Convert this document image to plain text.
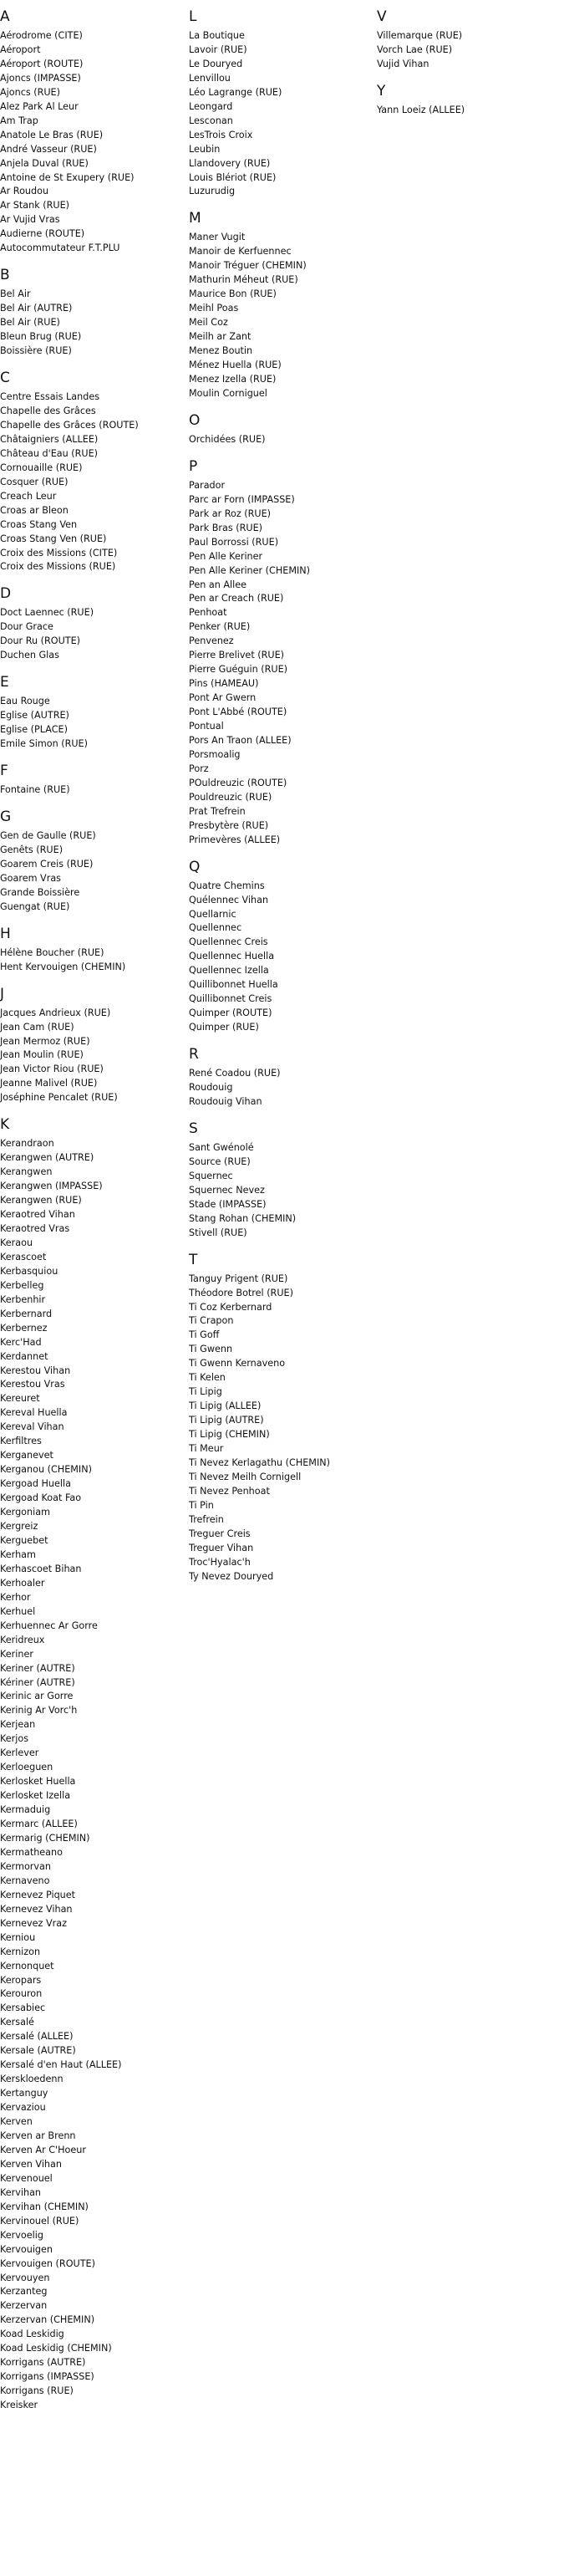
A
Aérodrome (CITE)
Aéroport
Aéroport (ROUTE)
Ajoncs (IMPASSE)
Ajoncs (RUE)
Alez Park Al Leur
Am Trap
Anatole Le Bras (RUE)
André Vasseur (RUE)
Anjela Duval (RUE)
Antoine de St Exupery (RUE)
Ar Roudou
Ar Stank (RUE)
Ar Vujid Vras
Audierne (ROUTE)
Autocommutateur F.T.PLU
B
Bel Air
Bel Air (AUTRE)
Bel Air (RUE)
Bleun Brug (RUE)
Boissière (RUE)
C
Centre Essais Landes
Chapelle des Grâces
Chapelle des Grâces (ROUTE)
Châtaigniers (ALLEE)
Château d'Eau (RUE)
Cornouaille (RUE)
Cosquer (RUE)
Creach Leur
Croas ar Bleon
Croas Stang Ven
Croas Stang Ven (RUE)
Croix des Missions (CITE)
Croix des Missions (RUE)
D
Doct Laennec (RUE)
Dour Grace
Dour Ru (ROUTE)
Duchen Glas
E
Eau Rouge
Eglise (AUTRE)
Eglise (PLACE)
Emile Simon (RUE)
F
Fontaine (RUE)
G
Gen de Gaulle (RUE)
Genêts (RUE)
Goarem Creis (RUE)
Goarem Vras
Grande Boissière
Guengat (RUE)
H
Hélène Boucher (RUE)
Hent Kervouigen (CHEMIN)
J
Jacques Andrieux (RUE)
Jean Cam (RUE)
Jean Mermoz (RUE)
Jean Moulin (RUE)
Jean Victor Riou (RUE)
Jeanne Malivel (RUE)
Joséphine Pencalet (RUE)
K
Kerandraon
Kerangwen (AUTRE)
Kerangwen
Kerangwen (IMPASSE)
Kerangwen (RUE)
Keraotred Vihan
Keraotred Vras
Keraou
Kerascoet
Kerbasquiou
Kerbelleg
Kerbenhir
Kerbernard
Kerbernez
Kerc'Had
Kerdannet
Kerestou Vihan
Kerestou Vras
Kereuret
Kereval Huella
Kereval Vihan
Kerfiltres
Kerganevet
Kerganou (CHEMIN)
Kergoad Huella
Kergoad Koat Fao
Kergoniam
Kergreiz
Kerguebet
Kerham
Kerhascoet Bihan
Kerhoaler
Kerhor
Kerhuel
Kerhuennec Ar Gorre
Keridreux
Keriner
Keriner (AUTRE)
Kériner (AUTRE)
Kerinic ar Gorre
Kerinig Ar Vorc'h
Kerjean
Kerjos
Kerlever
Kerloeguen
Kerlosket Huella
Kerlosket Izella
Kermaduig
Kermarc (ALLEE)
Kermarig (CHEMIN)
Kermatheano
Kermorvan
Kernaveno
Kernevez Piquet
Kernevez Vihan
Kernevez Vraz
Kerniou
Kernizon
Kernonquet
Keropars
Kerouron
Kersabiec
Kersalé
Kersalé (ALLEE)
Kersale (AUTRE)
Kersalé d'en Haut (ALLEE)
Kerskloedenn
Kertanguy
Kervaziou
Kerven
Kerven ar Brenn
Kerven Ar C'Hoeur
Kerven Vihan
Kervenouel
Kervihan
Kervihan (CHEMIN)
Kervinouel (RUE)
Kervoelig
Kervouigen
Kervouigen (ROUTE)
Kervouyen
Kerzanteg
Kerzervan
Kerzervan (CHEMIN)
Koad Leskidig
Koad Leskidig (CHEMIN)
Korrigans (AUTRE)
Korrigans (IMPASSE)
Korrigans (RUE)
Kreisker
L
La Boutique
Lavoir (RUE)
Le Douryed
Lenvillou
Léo Lagrange (RUE)
Leongard
Lesconan
LesTrois Croix
Leubin
Llandovery (RUE)
Louis Blériot (RUE)
Luzurudig
M
Maner Vugit
Manoir de Kerfuennec
Manoir Tréguer (CHEMIN)
Mathurin Méheut (RUE)
Maurice Bon (RUE)
Meihl Poas
Meil Coz
Meilh ar Zant
Menez Boutin
Ménez Huella (RUE)
Menez Izella (RUE)
Moulin Corniguel
O
Orchidées (RUE)
P
Parador
Parc ar Forn (IMPASSE)
Park ar Roz (RUE)
Park Bras (RUE)
Paul Borrossi (RUE)
Pen Alle Keriner
Pen Alle Keriner (CHEMIN)
Pen an Allee
Pen ar Creach (RUE)
Penhoat
Penker (RUE)
Penvenez
Pierre Brelivet (RUE)
Pierre Guéguin (RUE)
Pins (HAMEAU)
Pont Ar Gwern
Pont L'Abbé (ROUTE)
Pontual
Pors An Traon (ALLEE)
Porsmoalig
Porz
POuldreuzic (ROUTE)
Pouldreuzic (RUE)
Prat Trefrein
Presbytère (RUE)
Primevères (ALLEE)
Q
Quatre Chemins
Quélennec Vihan
Quellarnic
Quellennec
Quellennec Creis
Quellennec Huella
Quellennec Izella
Quillibonnet Huella
Quillibonnet Creis
Quimper (ROUTE)
Quimper (RUE)
R
René Coadou (RUE)
Roudouig
Roudouig Vihan
S
Sant Gwénolé
Source (RUE)
Squernec
Squernec Nevez
Stade (IMPASSE)
Stang Rohan (CHEMIN)
Stivell (RUE)
T
Tanguy Prigent (RUE)
Théodore Botrel (RUE)
Ti Coz Kerbernard
Ti Crapon
Ti Goff
Ti Gwenn
Ti Gwenn Kernaveno
Ti Kelen
Ti Lipig
Ti Lipig (ALLEE)
Ti Lipig (AUTRE)
Ti Lipig (CHEMIN)
Ti Meur
Ti Nevez Kerlagathu (CHEMIN)
Ti Nevez Meilh Cornigell
Ti Nevez Penhoat
Ti Pin
Trefrein
Treguer Creis
Treguer Vihan
Troc'Hyalac'h
Ty Nevez Douryed
V
Villemarque (RUE)
Vorch Lae (RUE)
Vujid Vihan
Y
Yann Loeiz (ALLEE)
